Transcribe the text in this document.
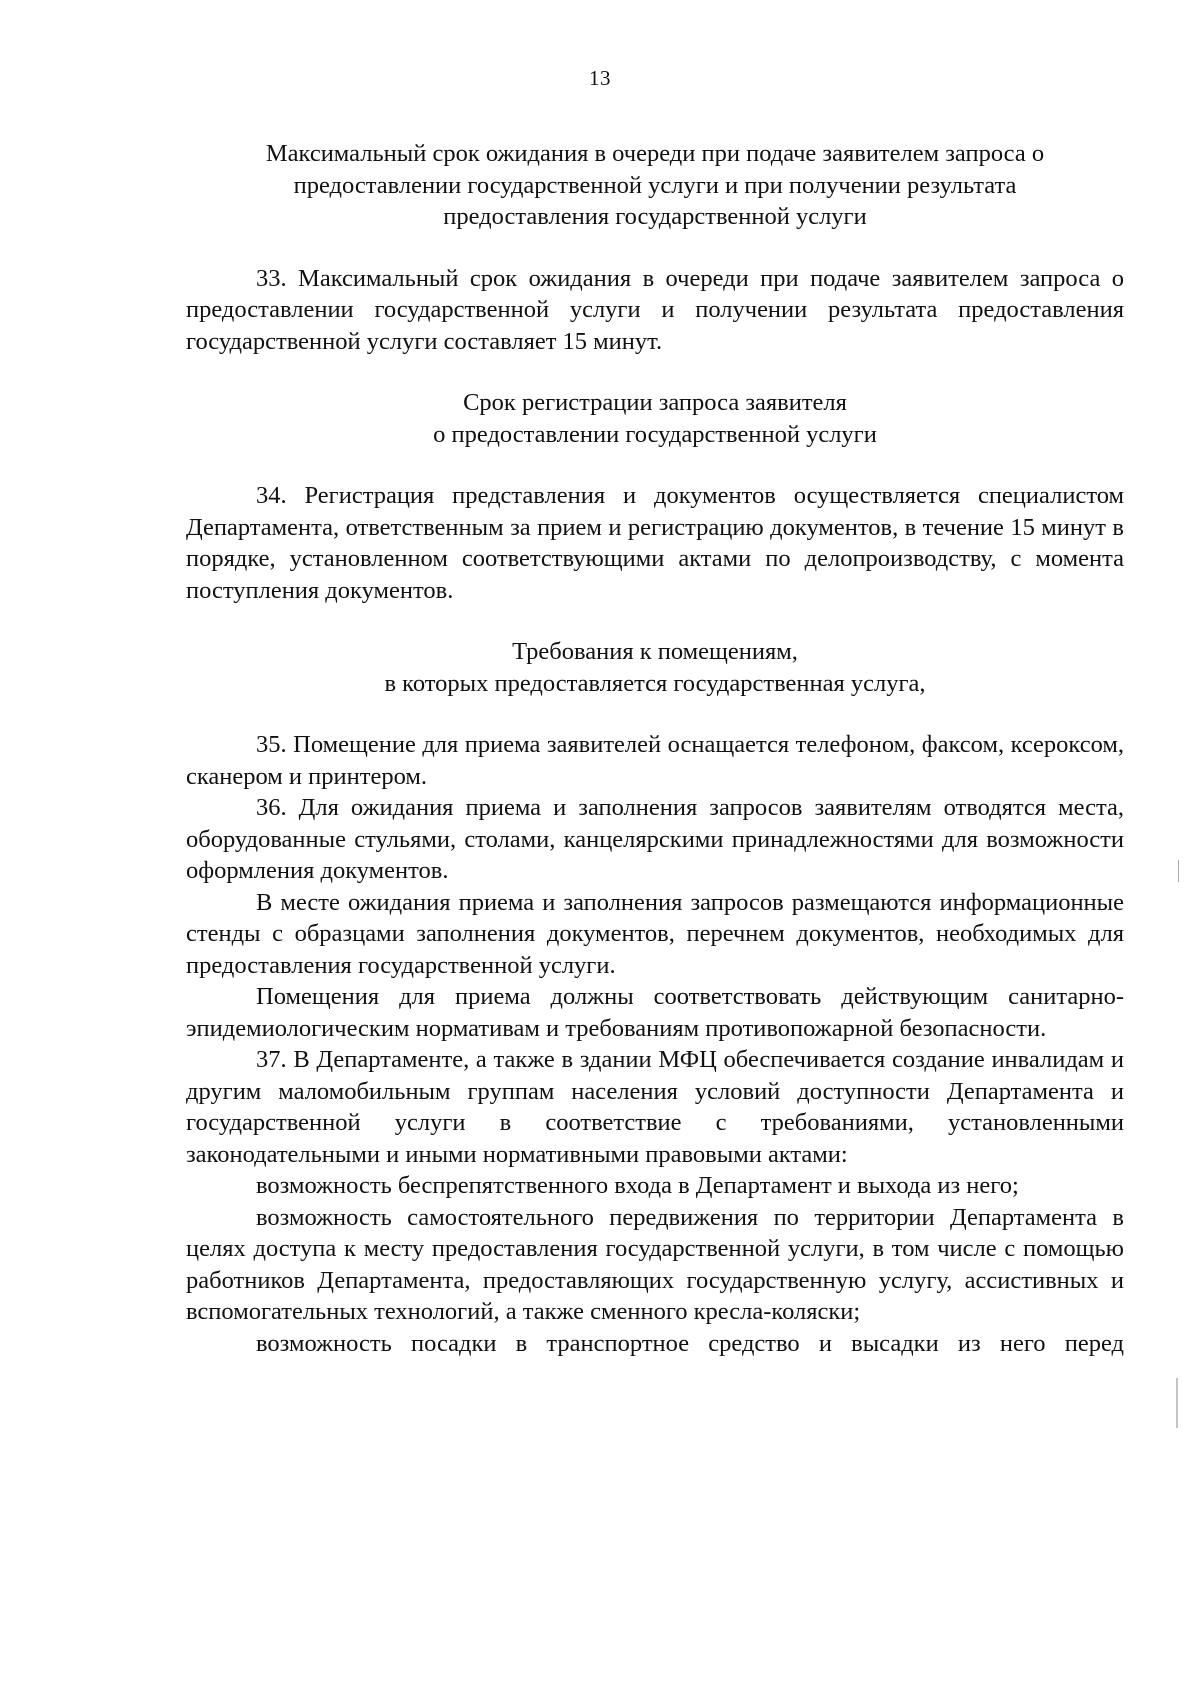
13
Максимальный срок ожидания в очереди при подаче заявителем запроса о
предоставлении государственной услуги и при получении результата
предоставления государственной услуги

33. Максимальный срок ожидания в очереди при подаче заявителем запроса о предоставлении государственной услуги и получении результата предоставления государственной услуги составляет 15 минут.

Срок регистрации запроса заявителя
о предоставлении государственной услуги

34. Регистрация представления и документов осуществляется специалистом Департамента, ответственным за прием и регистрацию документов, в течение 15 минут в порядке, установленном соответствующими актами по делопроизводству, с момента поступления документов.

Требования к помещениям,
в которых предоставляется государственная услуга,

35. Помещение для приема заявителей оснащается телефоном, факсом, ксероксом, сканером и принтером.

36. Для ожидания приема и заполнения запросов заявителям отводятся места, оборудованные стульями, столами, канцелярскими принадлежностями для возможности оформления документов.

В месте ожидания приема и заполнения запросов размещаются информационные стенды с образцами заполнения документов, перечнем документов, необходимых для предоставления государственной услуги.

Помещения для приема должны соответствовать действующим санитарно-эпидемиологическим нормативам и требованиям противопожарной безопасности.

37. В Департаменте, а также в здании МФЦ обеспечивается создание инвалидам и другим маломобильным группам населения условий доступности Департамента и государственной услуги в соответствие с требованиями, установленными законодательными и иными нормативными правовыми актами:

возможность беспрепятственного входа в Департамент и выхода из него;

возможность самостоятельного передвижения по территории Департамента в целях доступа к месту предоставления государственной услуги, в том числе с помощью работников Департамента, предоставляющих государственную услугу, ассистивных и вспомогательных технологий, а также сменного кресла-коляски;

возможность посадки в транспортное средство и высадки из него перед
